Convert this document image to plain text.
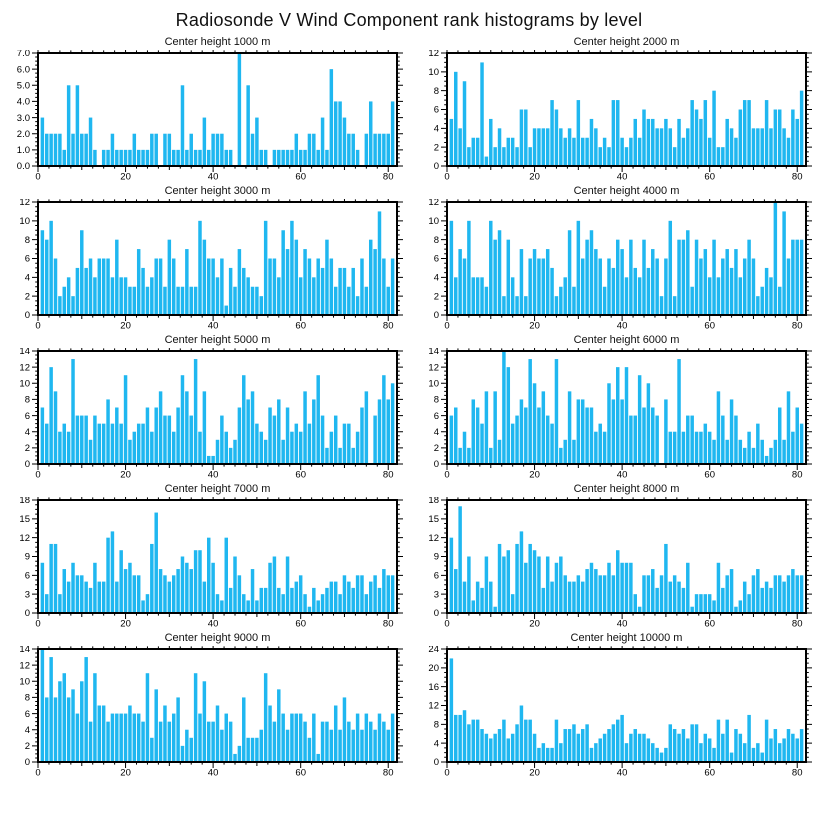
Radiosonde V Wind Component rank histograms by level
Center height 1000 m
0	20	40	60	80
0.0
1.0
2.0
3.0
4.0
5.0
6.0
7.0
Center height 2000 m
0	20	40	60	80
0
2
4
6
8
10
12
Center height 3000 m
0	20	40	60	80
0
2
4
6
8
10
12
Center height 4000 m
0	20	40	60	80
0
2
4
6
8
10
12
Center height 5000 m
0	20	40	60	80
0
2
4
6
8
10
12
14
Center height 6000 m
0	20	40	60	80
0
2
4
6
8
10
12
14
Center height 7000 m
0	20	40	60	80
0
3
6
9
12
15
18
Center height 8000 m
0	20	40	60	80
0
3
6
9
12
15
18
Center height 9000 m
0	20	40	60	80
0
2
4
6
8
10
12
14
Center height 10000 m
0	20	40	60	80
0
4
8
12
16
20
24
